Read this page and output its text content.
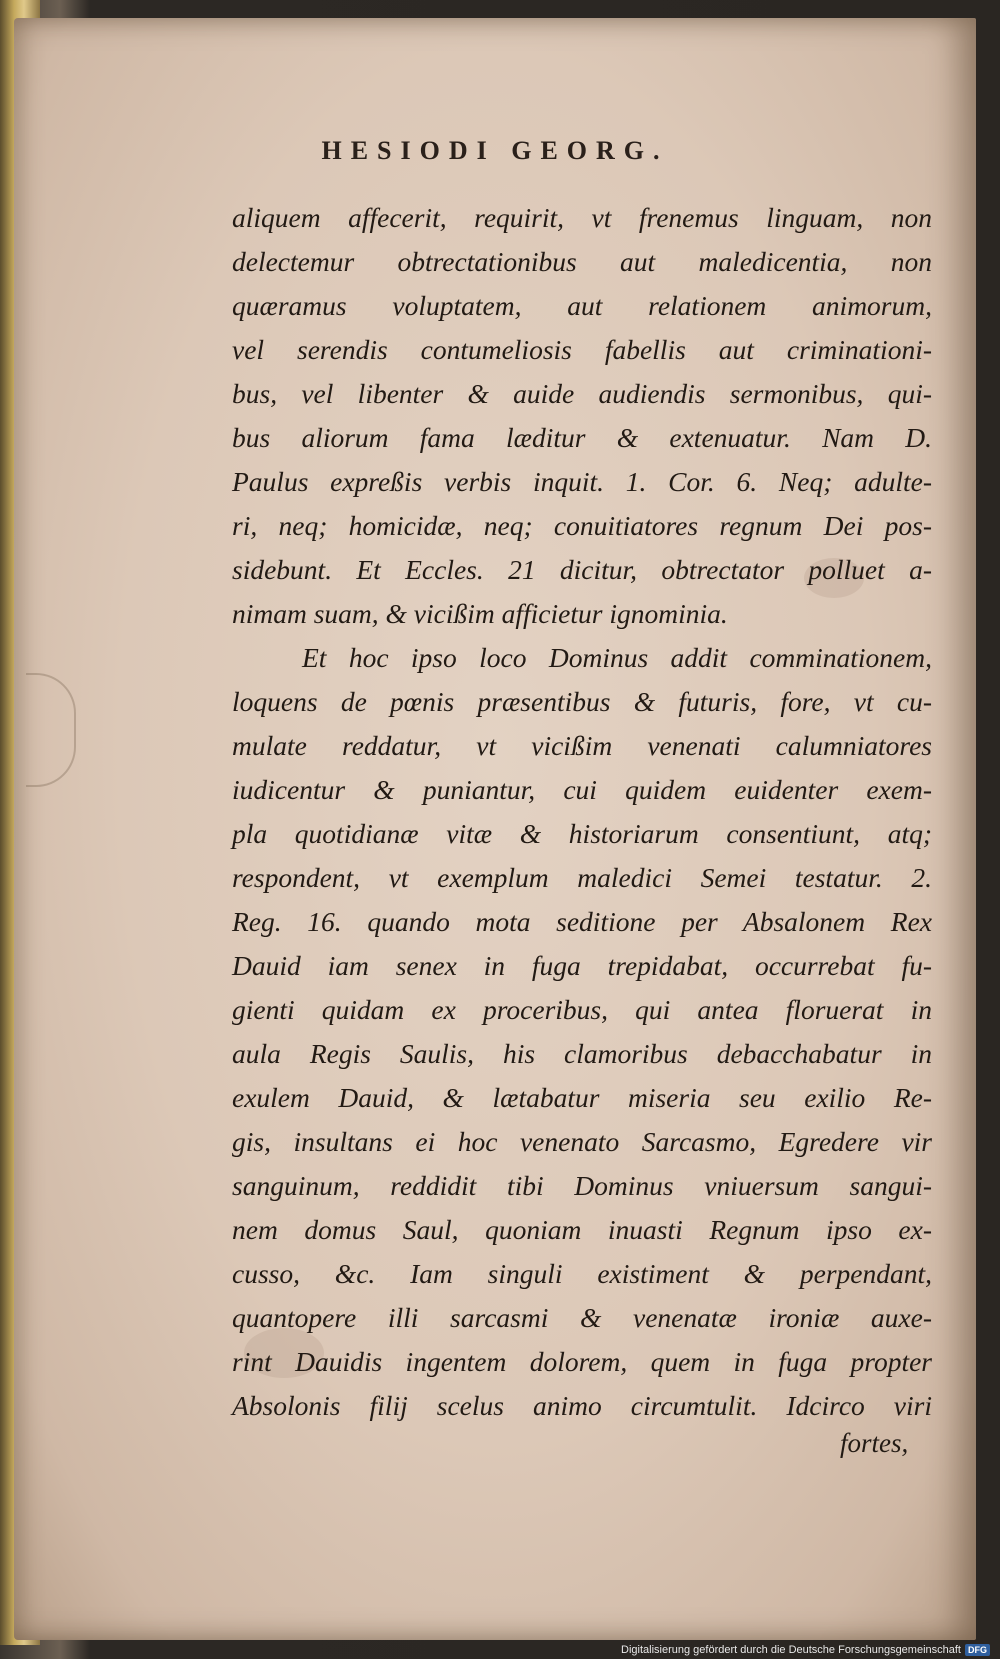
HESIODI GEORG.
aliquem affecerit, requirit, vt frenemus linguam, non
delectemur obtrectationibus aut maledicentia, non
quæramus voluptatem, aut relationem animorum,
vel serendis contumeliosis fabellis aut criminationi-
bus, vel libenter & auide audiendis sermonibus, qui-
bus aliorum fama læditur & extenuatur. Nam D.
Paulus expreßis verbis inquit. 1. Cor. 6. Neq; adulte-
ri, neq; homicidæ, neq; conuitiatores regnum Dei pos-
sidebunt. Et Eccles. 21 dicitur, obtrectator polluet a-
nimam suam, & vicißim afficietur ignominia.
Et hoc ipso loco Dominus addit comminationem,
loquens de pœnis præsentibus & futuris, fore, vt cu-
mulate reddatur, vt vicißim venenati calumniatores
iudicentur & puniantur, cui quidem euidenter exem-
pla quotidianæ vitæ & historiarum consentiunt, atq;
respondent, vt exemplum maledici Semei testatur. 2.
Reg. 16. quando mota seditione per Absalonem Rex
Dauid iam senex in fuga trepidabat, occurrebat fu-
gienti quidam ex proceribus, qui antea floruerat in
aula Regis Saulis, his clamoribus debacchabatur in
exulem Dauid, & lætabatur miseria seu exilio Re-
gis, insultans ei hoc venenato Sarcasmo, Egredere vir
sanguinum, reddidit tibi Dominus vniuersum sangui-
nem domus Saul, quoniam inuasti Regnum ipso ex-
cusso, &c. Iam singuli existiment & perpendant,
quantopere illi sarcasmi & venenatæ ironiæ auxe-
rint Dauidis ingentem dolorem, quem in fuga propter
Absolonis filij scelus animo circumtulit. Idcirco viri
fortes,
Digitalisierung gefördert durch die Deutsche Forschungsgemeinschaft DFG
